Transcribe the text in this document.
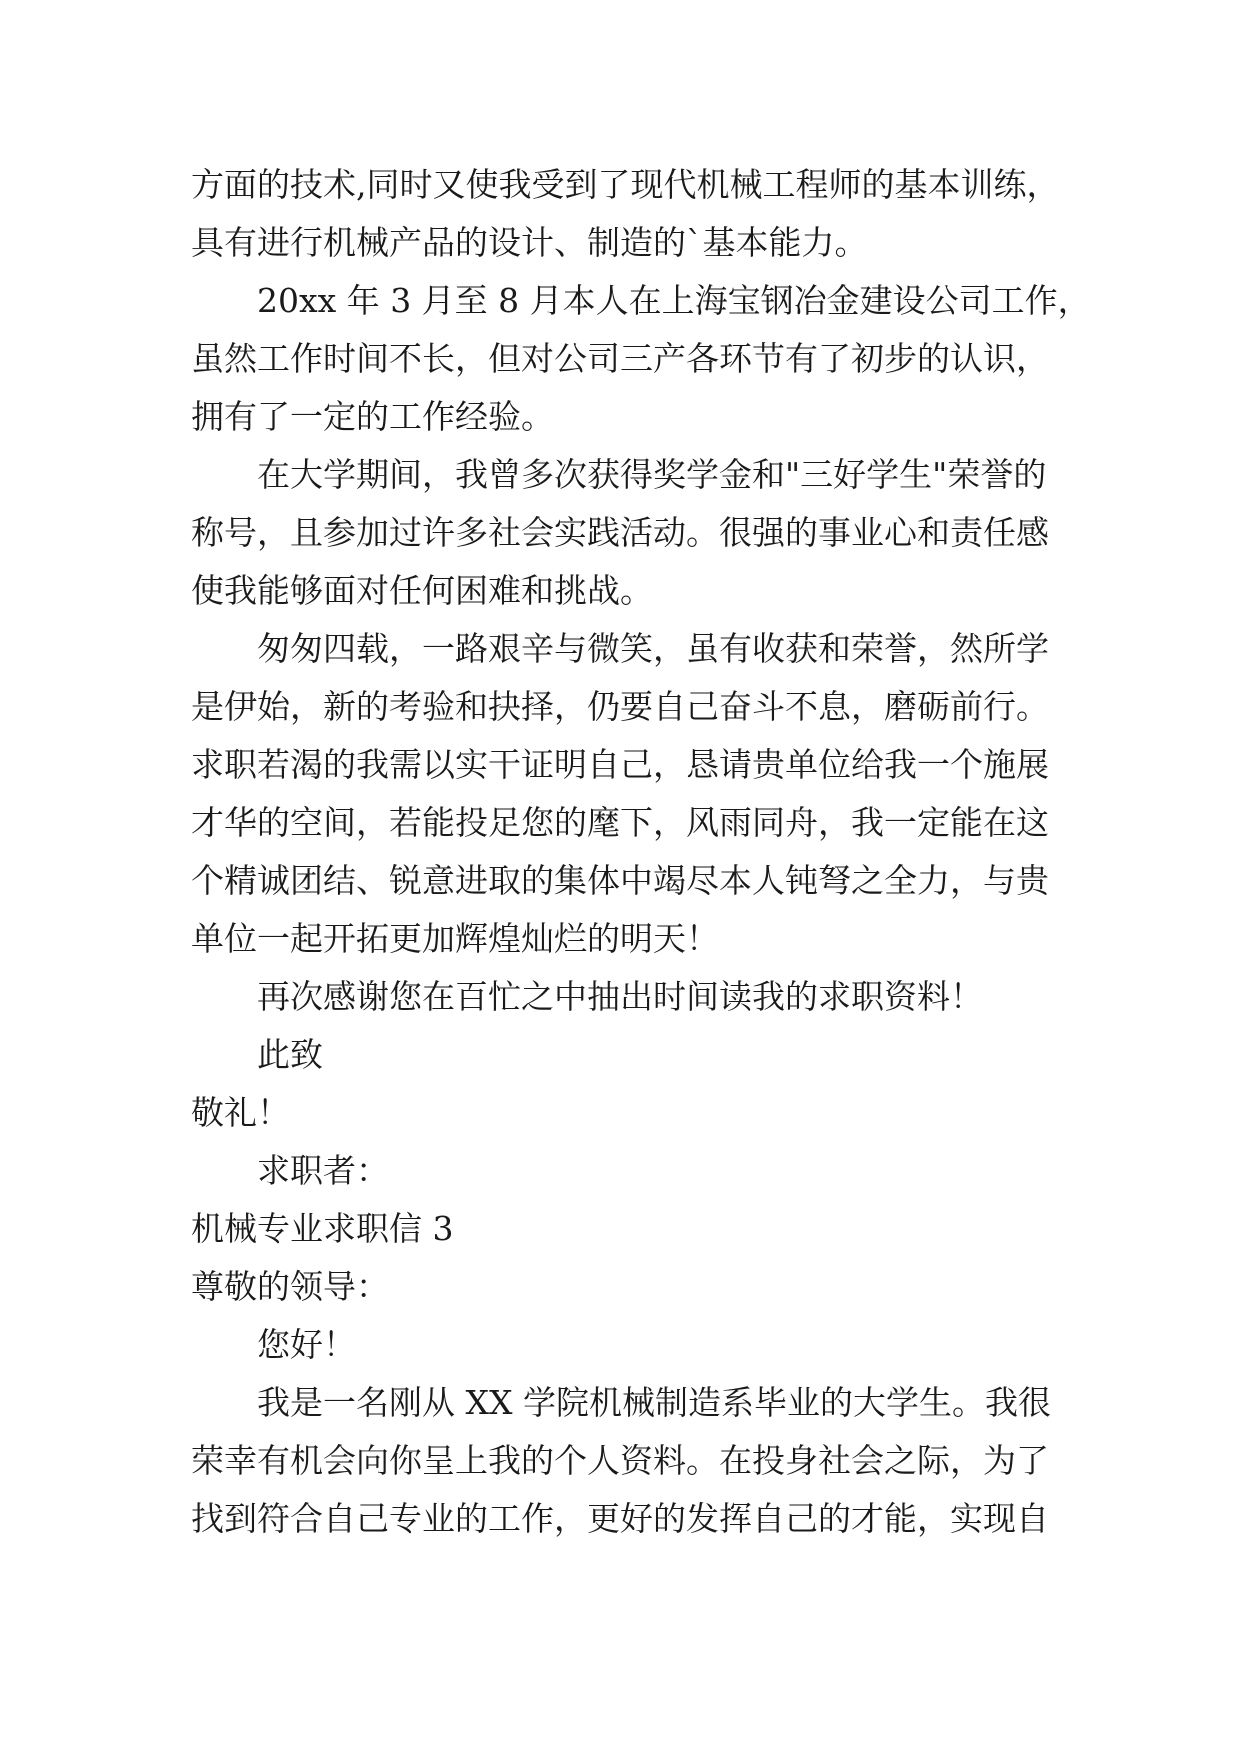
方面的技术,同时又使我受到了现代机械工程师的基本训练，
具有进行机械产品的设计、制造的`基本能力。
20xx 年 3 月至 8 月本人在上海宝钢冶金建设公司工作，
虽然工作时间不长，但对公司三产各环节有了初步的认识，
拥有了一定的工作经验。
在大学期间，我曾多次获得奖学金和"三好学生"荣誉的
称号，且参加过许多社会实践活动。很强的事业心和责任感
使我能够面对任何困难和挑战。
匆匆四载，一路艰辛与微笑，虽有收获和荣誉，然所学
是伊始，新的考验和抉择，仍要自己奋斗不息，磨砺前行。
求职若渴的我需以实干证明自己，恳请贵单位给我一个施展
才华的空间，若能投足您的麾下，风雨同舟，我一定能在这
个精诚团结、锐意进取的集体中竭尽本人钝弩之全力，与贵
单位一起开拓更加辉煌灿烂的明天！
再次感谢您在百忙之中抽出时间读我的求职资料！
此致
敬礼！
求职者：
机械专业求职信 3
尊敬的领导：
您好！
我是一名刚从 XX 学院机械制造系毕业的大学生。我很
荣幸有机会向你呈上我的个人资料。在投身社会之际，为了
找到符合自己专业的工作，更好的发挥自己的才能，实现自
